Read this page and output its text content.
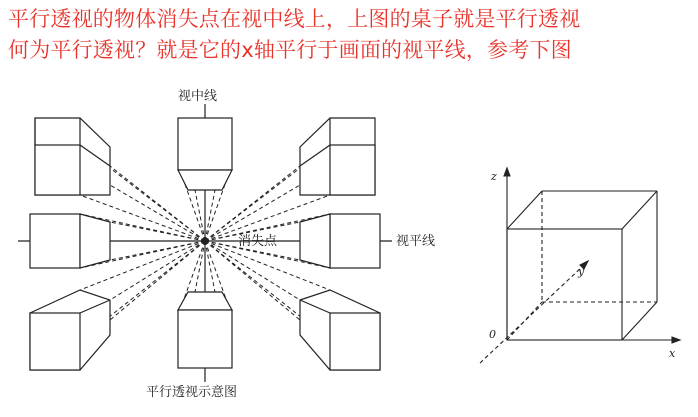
平行透视的物体消失点在视中线上，上图的桌子就是平行透视
何为平行透视？就是它的x轴平行于画面的视平线，参考下图
视中线
消失点	视平线
平行透视示意图
z
y
x
0
